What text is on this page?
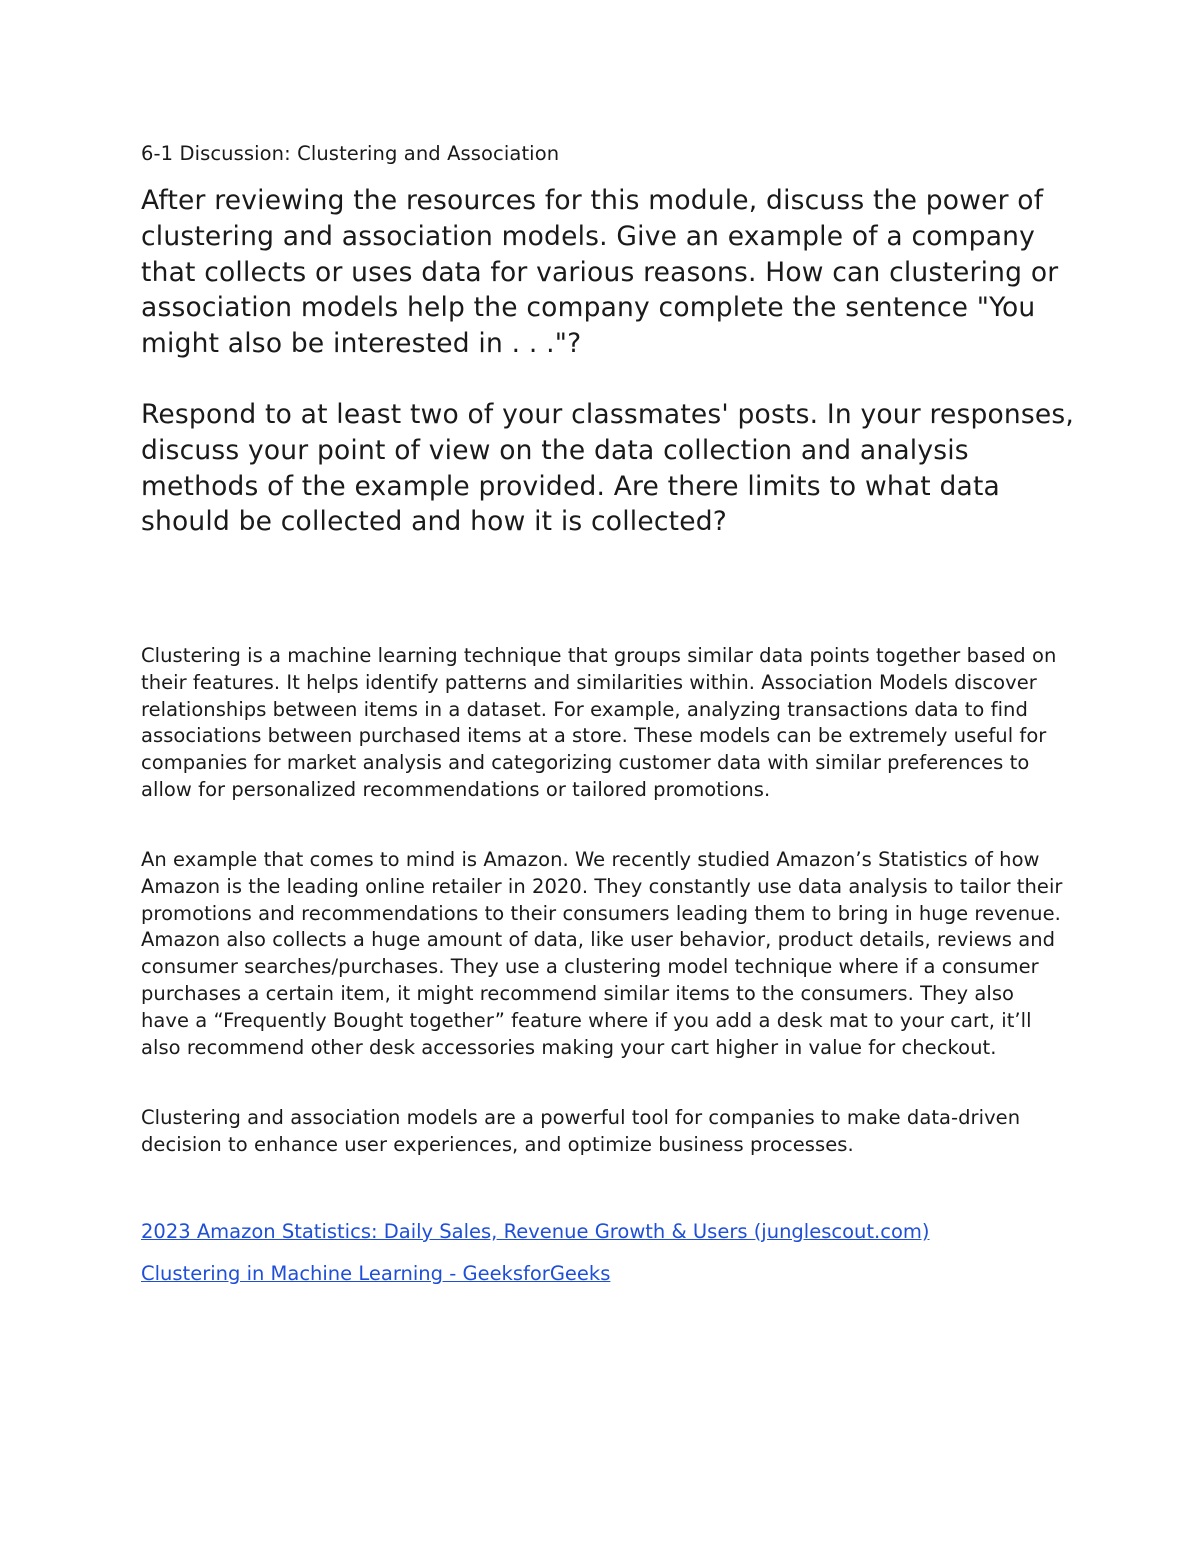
6-1 Discussion: Clustering and Association

After reviewing the resources for this module, discuss the power of clustering and association models. Give an example of a company that collects or uses data for various reasons. How can clustering or association models help the company complete the sentence "You might also be interested in . . ."?

Respond to at least two of your classmates' posts. In your responses, discuss your point of view on the data collection and analysis methods of the example provided. Are there limits to what data should be collected and how it is collected?

Clustering is a machine learning technique that groups similar data points together based on their features. It helps identify patterns and similarities within. Association Models discover relationships between items in a dataset. For example, analyzing transactions data to find associations between purchased items at a store. These models can be extremely useful for companies for market analysis and categorizing customer data with similar preferences to allow for personalized recommendations or tailored promotions.

An example that comes to mind is Amazon. We recently studied Amazon’s Statistics of how Amazon is the leading online retailer in 2020. They constantly use data analysis to tailor their promotions and recommendations to their consumers leading them to bring in huge revenue. Amazon also collects a huge amount of data, like user behavior, product details, reviews and consumer searches/purchases. They use a clustering model technique where if a consumer purchases a certain item, it might recommend similar items to the consumers. They also have a “Frequently Bought together” feature where if you add a desk mat to your cart, it’ll also recommend other desk accessories making your cart higher in value for checkout.

Clustering and association models are a powerful tool for companies to make data-driven decision to enhance user experiences, and optimize business processes.

2023 Amazon Statistics: Daily Sales, Revenue Growth & Users (junglescout.com)
Clustering in Machine Learning - GeeksforGeeks
